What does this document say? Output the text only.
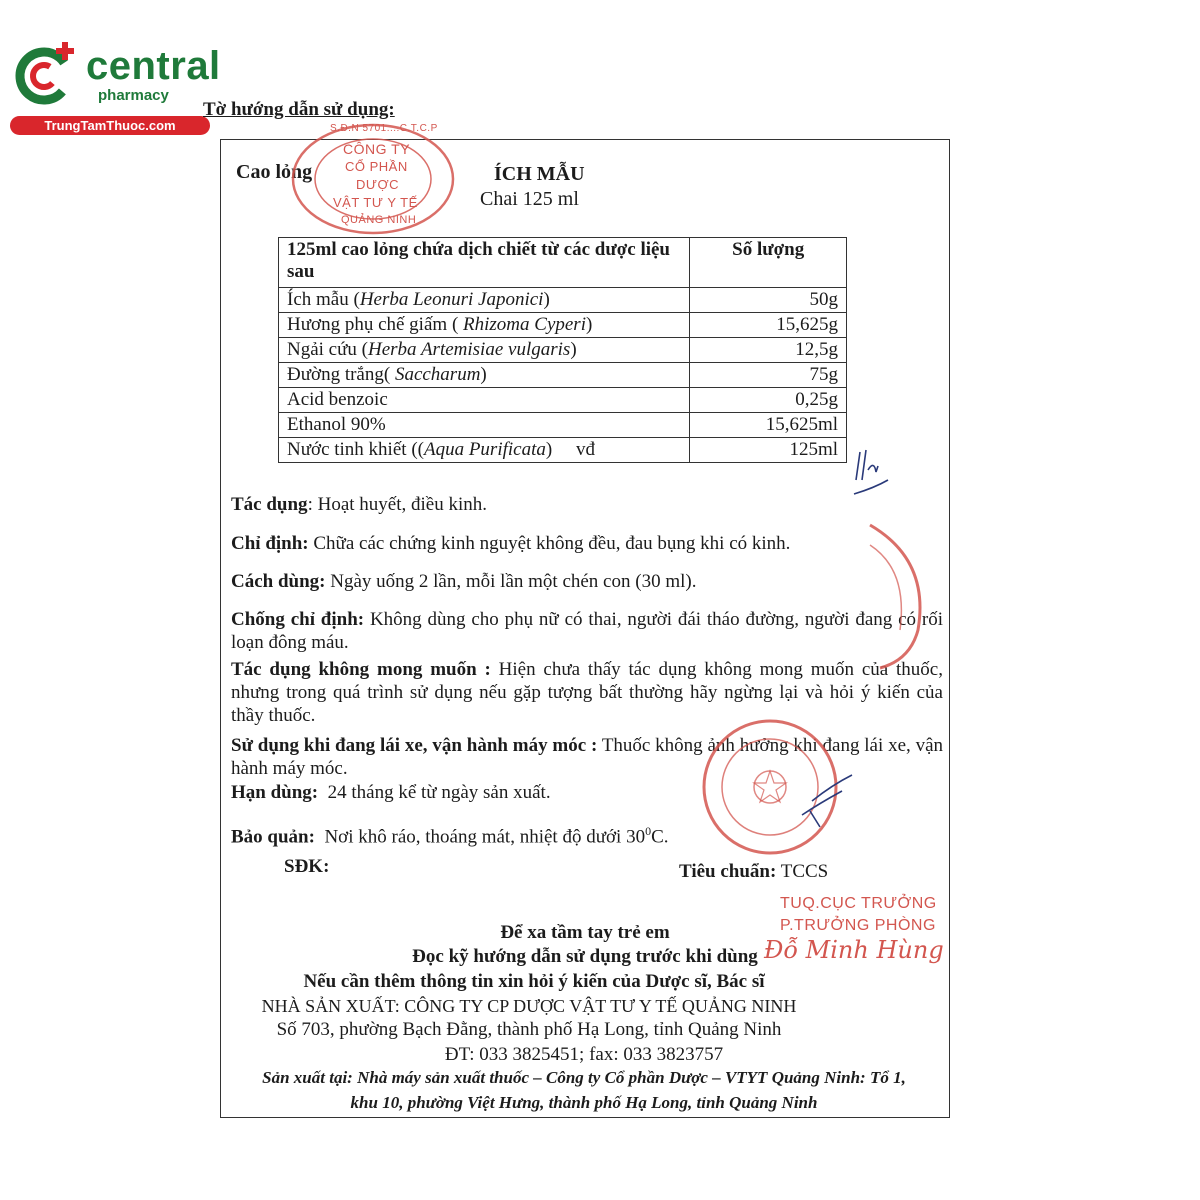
central
pharmacy
TrungTamThuoc.com
Tờ hướng dẫn sử dụng:
Cao lỏng	ÍCH MẪU
Chai 125 ml
125ml cao lỏng chứa dịch chiết từ các dược liệu sau	Số lượng
Ích mẫu (Herba Leonuri Japonici)	50g
Hương phụ chế giấm ( Rhizoma Cyperi)	15,625g
Ngải cứu (Herba Artemisiae vulgaris)	12,5g
Đường trắng( Saccharum)	75g
Acid benzoic	0,25g
Ethanol 90%	15,625ml
Nước tinh khiết ((Aqua Purificata)     vđ	125ml
Tác dụng: Hoạt huyết, điều kinh.
Chỉ định: Chữa các chứng kinh nguyệt không đều, đau bụng khi có kinh.
Cách dùng: Ngày uống 2 lần, mỗi lần một chén con (30 ml).
Chống chỉ định: Không dùng cho phụ nữ có thai, người đái tháo đường, người đang có rối loạn đông máu.
Tác dụng không mong muốn : Hiện chưa thấy tác dụng không mong muốn của thuốc, nhưng trong quá trình sử dụng nếu gặp tượng bất thường hãy ngừng lại và hỏi ý kiến của thầy thuốc.
Sử dụng khi đang lái xe, vận hành máy móc : Thuốc không ảnh hưởng khi đang lái xe, vận hành máy móc.
Hạn dùng:  24 tháng kể từ ngày sản xuất.
Bảo quản:  Nơi khô ráo, thoáng mát, nhiệt độ dưới $30^0C$.
SĐK:	Tiêu chuẩn: TCCS
Để xa tầm tay trẻ em
Đọc kỹ hướng dẫn sử dụng trước khi dùng
Nếu cần thêm thông tin xin hỏi ý kiến của Dược sĩ, Bác sĩ
NHÀ SẢN XUẤT: CÔNG TY CP DƯỢC VẬT TƯ Y TẾ QUẢNG NINH
Số 703, phường Bạch Đằng, thành phố Hạ Long, tỉnh Quảng Ninh
ĐT: 033 3825451; fax: 033 3823757
Sản xuất tại: Nhà máy sản xuất thuốc – Công ty Cổ phần Dược – VTYT Quảng Ninh: Tổ 1,
khu 10, phường Việt Hưng, thành phố Hạ Long, tỉnh Quảng Ninh
CÔNG TY
CỔ PHẦN
DƯỢC
VẬT TƯ Y TẾ
QUẢNG NINH
S.Đ.N 5701....C.T.C.P
TUQ.CỤC TRƯỞNG
P.TRƯỞNG PHÒNG
Đỗ Minh Hùng
